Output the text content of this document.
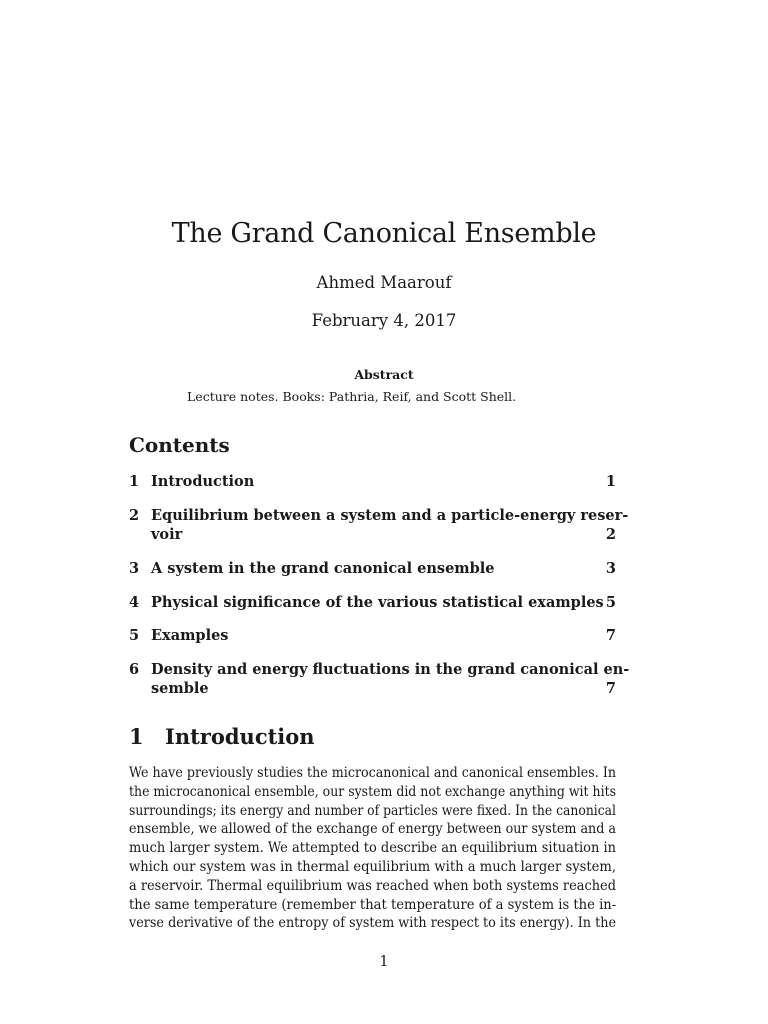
The Grand Canonical Ensemble
Ahmed Maarouf
February 4, 2017
Abstract
Lecture notes. Books: Pathria, Reif, and Scott Shell.
Contents
1 Introduction	1
2 Equilibrium between a system and a particle-energy reser-
voir	2
3 A system in the grand canonical ensemble	3
4 Physical significance of the various statistical examples 5
5 Examples	7
6 Density and energy fluctuations in the grand canonical en-
semble	7
1 Introduction
We have previously studies the microcanonical and canonical ensembles. In
the microcanonical ensemble, our system did not exchange anything wit hits
surroundings; its energy and number of particles were fixed. In the canonical
ensemble, we allowed of the exchange of energy between our system and a
much larger system. We attempted to describe an equilibrium situation in
which our system was in thermal equilibrium with a much larger system,
a reservoir. Thermal equilibrium was reached when both systems reached
the same temperature (remember that temperature of a system is the in-
verse derivative of the entropy of system with respect to its energy). In the
1
